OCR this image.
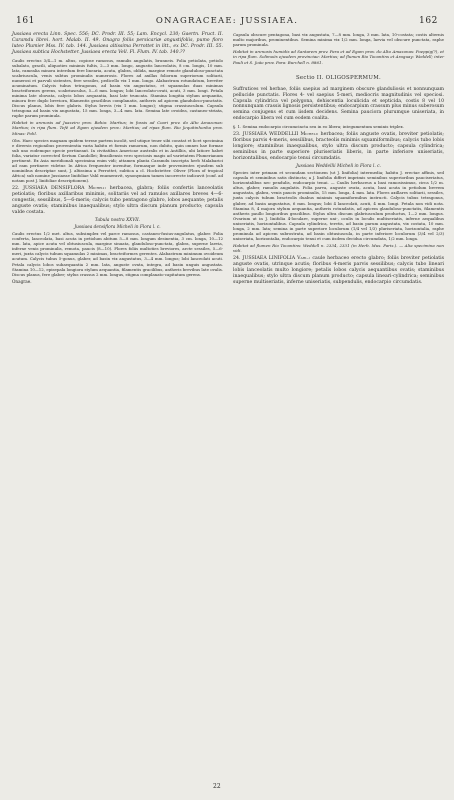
161	ONAGRACEAE: JUSSIAEA.	162

Jussiaea erecta Linn. Spec. 556; DC. Prodr. III. 55; Lam. Encycl. 230; Gaertn. Fruct. II. Caramdu librei. hort. Malab. II. 49. Onagra foliis persicariæ angustifoliis, pumo floro luteo Plumier Mss. IV. tab. 144. Jussiaea altissima Perrottet in litt., ex DC. Prodr. III. 55. Jussiaea subtica Hochstetter. Jussiaea erecta Vell. Fl. Flum. IV. tab. 140.??

Caulis erectus 3/4—1 m. altus, copiose ramosus, ramulis angulatis, brunneis. Folia petiolata, petiolo subalato, gracili, aliquoties minimis fultis, 2—3 mm. longo, angustis lanceolatis, 8 cm. longis, 10 mm. lata, ramealia minora interdum fere linearia, acuta, glabra, oblida, margine remote glanduloso-punctata scabriuscula, venis subtus prominulis numerosis. Flores ad axillas foliorum superiorum solitarii, numerosi et parvuli sistentes, fere sessiles, pedicello vix 1 mm. longo. Alabastrum rotundatum, breviter acuminatum. Calycis tubus tetragonus, ad basin vix angustatus, et squamulas duas minimas bracteiformes gerens, scabriusculus, 5—6 mm. longus; lobi lanceolato-ovati, acuti, 3 mm. longi. Petala minima late obovata, calycis lobos aequantia, basi late truncata. Stamina longitia stylum aequantia, minora fere duplo breviora, filamentis gracilibus complanatis, antheris ad apicem glanduloso-punctatis. Discus planus, lobis fere glabris. Stylus brevis (vix 1 mm. longus); stigma crassiusculum. Capsula tetragona ad basin vix angustata, 15 mm. longa, 3—4 mm. lata. Semina late ovoidea, castaneo-striata, raphe parum prominula.

Habitat in arenosis ad Juazeiro prov. Bahia: Martius; in fossis ad Coari prov. do Alto Amazonas: Martius; in ripa flum. Tefé ad Egam ejusdem prov.: Martius; ad ripas flum. Rio Jequitinhonha prov. Minas: Pohl.

Obs. Haec species magnam quidem terrae partem incolit, sed utique tener sibi constat et licet specimina e diversis regionibus provenientia varia habitu et formis ramorum, non dubito, quin omnes hae formae sub uno eodemque specie pertineant. In civitatibus Americae australis et in Antilliis, ubi latiore habet folia, variatur corrected Sertum Candollei; Brasiliensis vero speciosis magis ad varietatem Plumerianum pertinent. Ex Asia meridionali specimina enim vidi; attamen planta Caramdu inscripta herb Malabarici ad eam pertinere videtur. In Africa frequenter invenitur, formasque inde provenientes ejusdem sub nominibus descriptae sunt, J. altissima a Perrottet, subtica a cl. Hochstetter. Oliver (Flora of tropical Africa) sub nomine Jussiaeae linifoliae Vahl enumeravit, synonymiam tamen incorrecte indicavit (conf. ad notam post J. linifoliae descriptionem).

22. JUSSIAEA DENSIFLORA Micheli: herbacea, glabra; foliis confertis lanceolatis petiolatis; floribus axillaribus minimis, solitariis vel ad ramulos axillares breves 4—6-congestis, sessilibus, 5—6-meris; calycis tubo pentagono glabro, lobos aequante; petalis anguste ovatis; staminibus inaequalibus; stylo ultra discum planum producto; capsula valde costata.

Tabula nostra XXVII.

Jussiaea densiflora Micheli in Flora l. c.

Caulis erectus 1/2 met. altus, subsimplex vel parce ramosus, castaneo-fusius-angulatus, glaber. Folia conferta, lanceolata, basi acuta in petiolum abitum 5—8 mm. longum desinentia, 3 cm. longa, 10—12 mm. lata, apice acuta vel obtusiuscula, margine sinuata, glanduloso-punctata, glabra, superne laevia, inferne venis prominulis, remota, paucis (8—10). Flores foliis multoties breviores, arcte sessiles, 5—6-meri, juxta calycis tubum squamulas 2 minimas, bracteiformes gerentes. Alabastrum minimum ovoideum acutum. Calycis tubus 5-gonus, glaber, ad basin vix angustatus, 3—4 mm. longus; lobi lanceolati acuti. Petala calycis lobos subaequantia 2 mm. lata, anguste ovata, integra, ad basin unguis angustata. Stamina 10—12, episepala longiora stylum aequantia, filamentis gracilibus, antheris brevibus late ovalis. Discus planus, fere glaber; stylus crassus 2 mm. longus, stigma complanato-capitatum gerens.

Onagrae.

Capsula obscure pentagona, basi vix angustata, 7—8 mm. longa, 3 mm. lata, 10-costata; costis alternis multo majoribus, prominentibus. Semina minima vix 1/2 mm. longa, laevia vel obscure punctata, raphe parum prominula.

Habitat in arenosis humidis ad Santarem prov. Para et ad Egam prov. do Alto Amazonas: Poeppig(?), et in ripa flum. Solimoés ejusdem provinciae: Martius; ad flumen Rio Tocantins et Araguay: Weddell; inter Pauli et S. João prov. Para: Burchell n. 8861.

Sectio II. OLIGOSPERMUM.

Suffrutices vel herbae, foliis saepius ad marginem obscure glanduliosis et nonnunquam pellucide punctatis. Flores 4- vel saepius 5-meri, mediocris magnitudinis vel speciosi. Capsula cylindrica vel polygona, dehiscentia loculicida et septicida, costis 8 vel 10 nonnunquam crassis lignosis persistentibus; endocarpium crassum plus minus suberosum semina conjugens et cum iisdem decidens. Semina pauciora plurumque uniseriata, in endocarpio libera vel cum eodem coalita.

§. 1. Semina endocarpio circumcincta seu in eo libera; integumentum seminis triplex.

23. JUSSIAEA WEDDELLII Micheli: herbacea; foliis anguste ovatis, breviter petiolatis; floribus parvis 4-meris, sessilibus, bracteolis minimis squamiformibus; calycis tubo lobis longiore; staminibus inaequalibus, stylo ultra discum producto; capsula cylindrica; seminibus in parte superiore pluriseriatis liberis, in parte inferiore uniseriatis, horizontalibus, endocarpio tenui circumdatis.

Jussiaea Weddellii Micheli in Flora l. c.

Species inter primam et secundam sectionem (ut J. linifolia) intermedia; habitu J. erectae affinis, sed capsula et seminibus satis distincta; a J. linifolia differt imprimis seminibus superioribus pauciseriatus, horizontalibus nec pendulis, endocarpio tenui. — Caulis herbaceus a basi ramosissimus, circa 1/2 m. altus, glaber, ramulis angulatis. Folia parva, anguste ovata, acuta, basi acuta in petiolum brevem angustata, glabra, venis paucis prominulis, 15 mm. longa, 4 mm. lata. Flores axillares solitarii, sessiles, juxta calycis tubum bracteolis duabus minimis squamiformibus instructi. Calycis tubus tetragonus, glaber, ad basin angustatus, 6 mm. longus; lobi 4 lanceolati, acuti, 4 mm. longi. Petala non vidi nota. Stamina 8, 4 majora stylum aequantia, antheris rotundatis, ad apicem glanduloso-punctatis, filamentis antheris paullo longioribus gracilibus. Stylus ultra discum glabriusculum productus, 1—2 mm. longus. Ovarium ut in J. linifolia 4-loculare, superne uni-, oculis in loculis multiseriatis, inferne aequalibus uniseriatis, horizontalibus. Capsula cylindrica, teretis, ad basin parum angustata, vix costata, 10 mm. longa, 2 mm. lata; semina in parte superiore loculorum (1/4 vel 1/3) pluriseriata, horizontalia, raphe prominula ad apicem subrostrata, ad basin obtusiuscula, in parte inferiore loculorum (3/4 vel 2/3) uniseriata, horizontalia, endocarpio tenui et cum iisdem decidua circumdata, 1/2 mm. longa.

Habitat ad flumen Rio Tocantins: Weddell n. 2334, 2331 (in Herb. Mus. Paris.). — Alia specimina non vidi.

24. JUSSIAEA LINIFOLIA Vahl.: caule herbaceo erecto glabro; foliis breviter petiolatis anguste ovatis, utrinque acutis; floribus 4-meris parvis sessilibus; calycis tubo lineari lobis lanceolatis multo longiore; petalis lobos calycis aequantibus ovatis; staminibus inaequalibus; stylo ultra discum planum producto; capsula lineari-cylindrica; seminibus superne multiseriatis, inferne uniseriatis, subpendulis, endocarpio circumdatis.

22
